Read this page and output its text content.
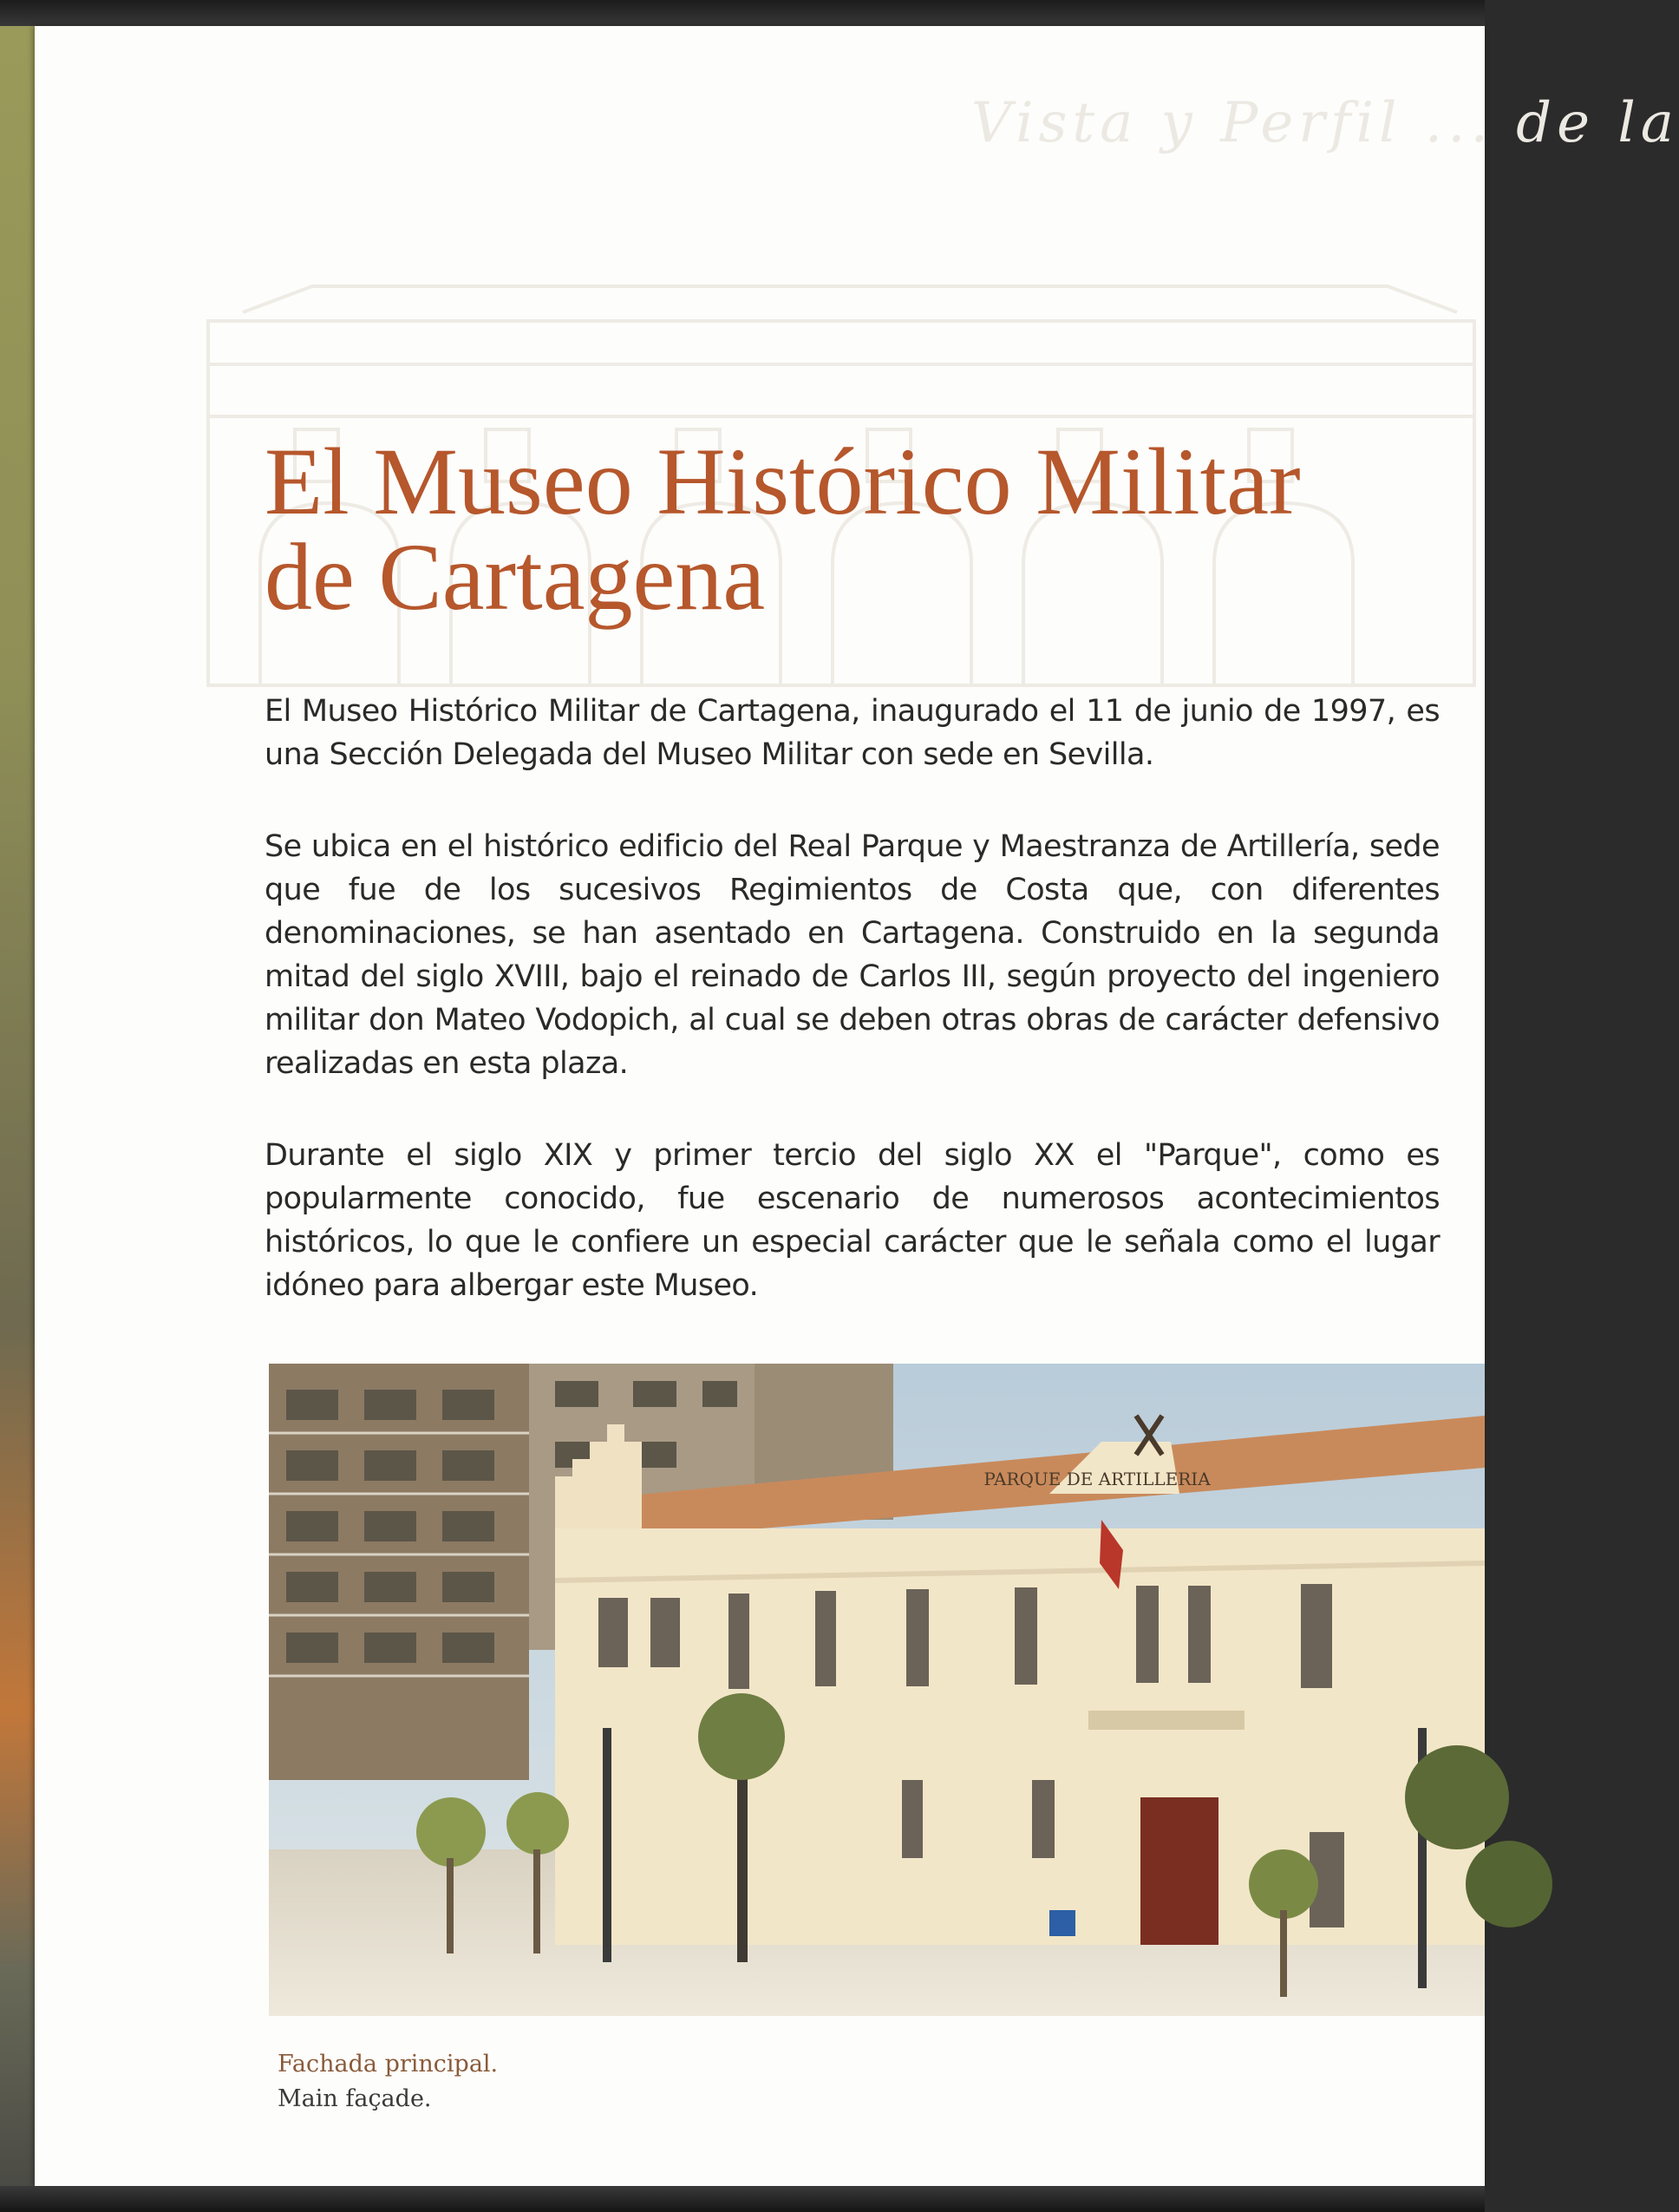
Vista y Perfil ... de la
El Museo Histórico Militar
de Cartagena

El Museo Histórico Militar de Cartagena, inaugurado el 11 de junio de 1997, es una Sección Delegada del Museo Militar con sede en Sevilla.

Se ubica en el histórico edificio del Real Parque y Maestranza de Artillería, sede que fue de los sucesivos Regimientos de Costa que, con diferentes denominaciones, se han asentado en Cartagena. Construido en la segunda mitad del siglo XVIII, bajo el reinado de Carlos III, según proyecto del ingeniero militar don Mateo Vodopich, al cual se deben otras obras de carácter defensivo realizadas en esta plaza.

Durante el siglo XIX y primer tercio del siglo XX el "Parque", como es popularmente conocido, fue escenario de numerosos acontecimientos históricos, lo que le confiere un especial carácter que le señala como el lugar idóneo para albergar este Museo.

PARQUE DE ARTILLERIA
Fachada principal.
Main façade.
